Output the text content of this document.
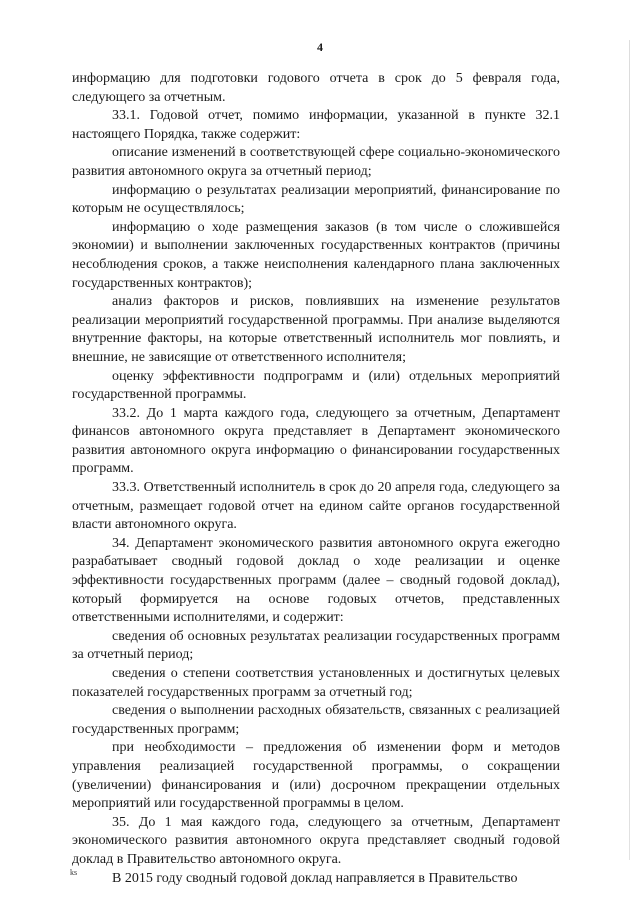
4

информацию для подготовки годового отчета в срок до 5 февраля года, следующего за отчетным.

33.1. Годовой отчет, помимо информации, указанной в пункте 32.1 настоящего Порядка, также содержит:

описание изменений в соответствующей сфере социально-экономического развития автономного округа за отчетный период;

информацию о результатах реализации мероприятий, финансирование по которым не осуществлялось;

информацию о ходе размещения заказов (в том числе о сложившейся экономии) и выполнении заключенных государственных контрактов (причины несоблюдения сроков, а также неисполнения календарного плана заключенных государственных контрактов);

анализ факторов и рисков, повлиявших на изменение результатов реализации мероприятий государственной программы. При анализе выделяются внутренние факторы, на которые ответственный исполнитель мог повлиять, и внешние, не зависящие от ответственного исполнителя;

оценку эффективности подпрограмм и (или) отдельных мероприятий государственной программы.

33.2. До 1 марта каждого года, следующего за отчетным, Департамент финансов автономного округа представляет в Департамент экономического развития автономного округа информацию о финансировании государственных программ.

33.3. Ответственный исполнитель в срок до 20 апреля года, следующего за отчетным, размещает годовой отчет на едином сайте органов государственной власти автономного округа.

34. Департамент экономического развития автономного округа ежегодно разрабатывает сводный годовой доклад о ходе реализации и оценке эффективности государственных программ (далее – сводный годовой доклад), который формируется на основе годовых отчетов, представленных ответственными исполнителями, и содержит:

сведения об основных результатах реализации государственных программ за отчетный период;

сведения о степени соответствия установленных и достигнутых целевых показателей государственных программ за отчетный год;

сведения о выполнении расходных обязательств, связанных с реализацией государственных программ;

при необходимости – предложения об изменении форм и методов управления реализацией государственной программы, о сокращении (увеличении) финансирования и (или) досрочном прекращении отдельных мероприятий или государственной программы в целом.

35. До 1 мая каждого года, следующего за отчетным, Департамент экономического развития автономного округа представляет сводный годовой доклад в Правительство автономного округа.

В 2015 году сводный годовой доклад направляется в Правительство

ks
